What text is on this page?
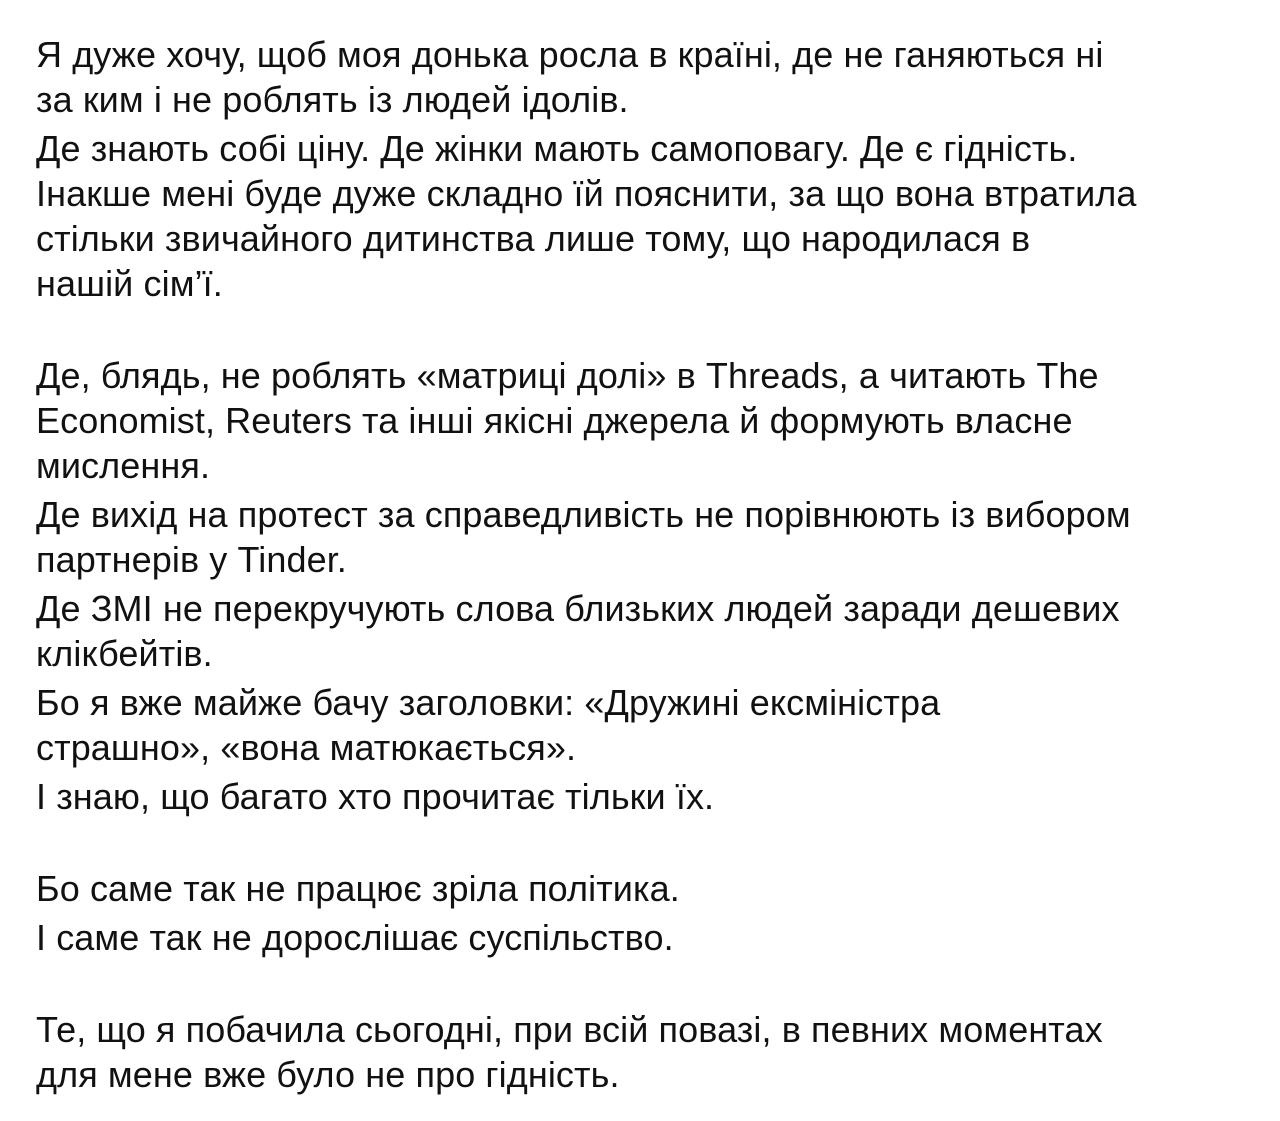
Я дуже хочу, щоб моя донька росла в країні, де не ганяються ні
за ким і не роблять із людей ідолів.

Де знають собі ціну. Де жінки мають самоповагу. Де є гідність.
Інакше мені буде дуже складно їй пояснити, за що вона втратила
стільки звичайного дитинства лише тому, що народилася в
нашій сім’ї.

Де, блядь, не роблять «матриці долі» в Threads, а читають The
Economist, Reuters та інші якісні джерела й формують власне
мислення.

Де вихід на протест за справедливість не порівнюють із вибором
партнерів у Tinder.

Де ЗМІ не перекручують слова близьких людей заради дешевих
клікбейтів.

Бо я вже майже бачу заголовки: «Дружині ексміністра
страшно», «вона матюкається».

І знаю, що багато хто прочитає тільки їх.

Бо саме так не працює зріла політика.

І саме так не дорослішає суспільство.

Те, що я побачила сьогодні, при всій повазі, в певних моментах
для мене вже було не про гідність.
